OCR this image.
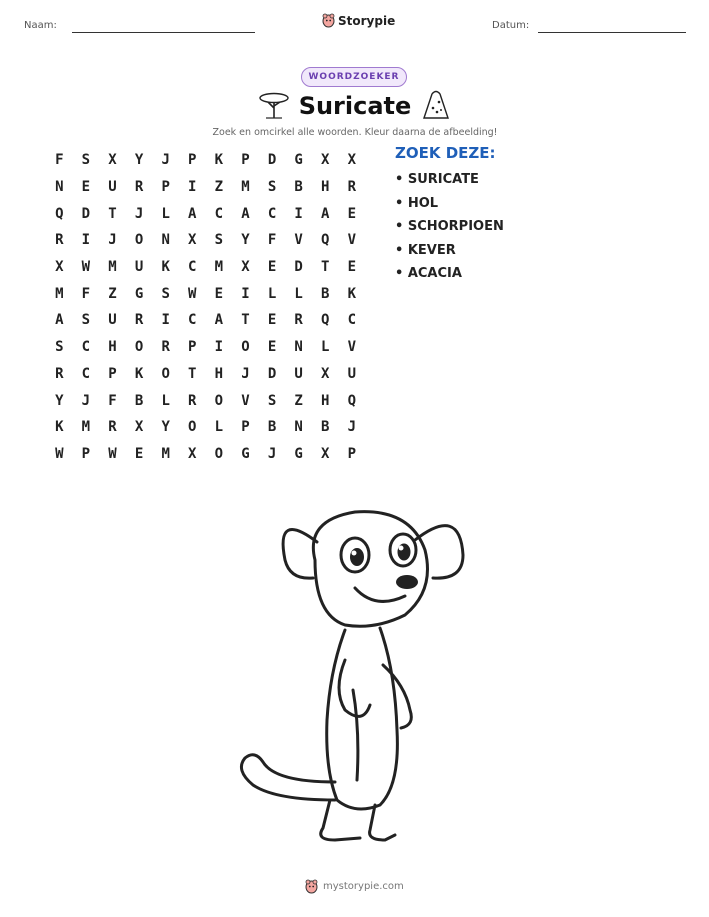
Naam:	Storypie	Datum:
WOORDZOEKER
Suricate
Zoek en omcirkel alle woorden. Kleur daarna de afbeelding!
F	S	X	Y	J	P	K	P	D	G	X	X
N	E	U	R	P	I	Z	M	S	B	H	R
Q	D	T	J	L	A	C	A	C	I	A	E
R	I	J	O	N	X	S	Y	F	V	Q	V
X	W	M	U	K	C	M	X	E	D	T	E
M	F	Z	G	S	W	E	I	L	L	B	K
A	S	U	R	I	C	A	T	E	R	Q	C
S	C	H	O	R	P	I	O	E	N	L	V
R	C	P	K	O	T	H	J	D	U	X	U
Y	J	F	B	L	R	O	V	S	Z	H	Q
K	M	R	X	Y	O	L	P	B	N	B	J
W	P	W	E	M	X	O	G	J	G	X	P
ZOEK DEZE:
• SURICATE
• HOL
• SCHORPIOEN
• KEVER
• ACACIA
mystorypie.com
